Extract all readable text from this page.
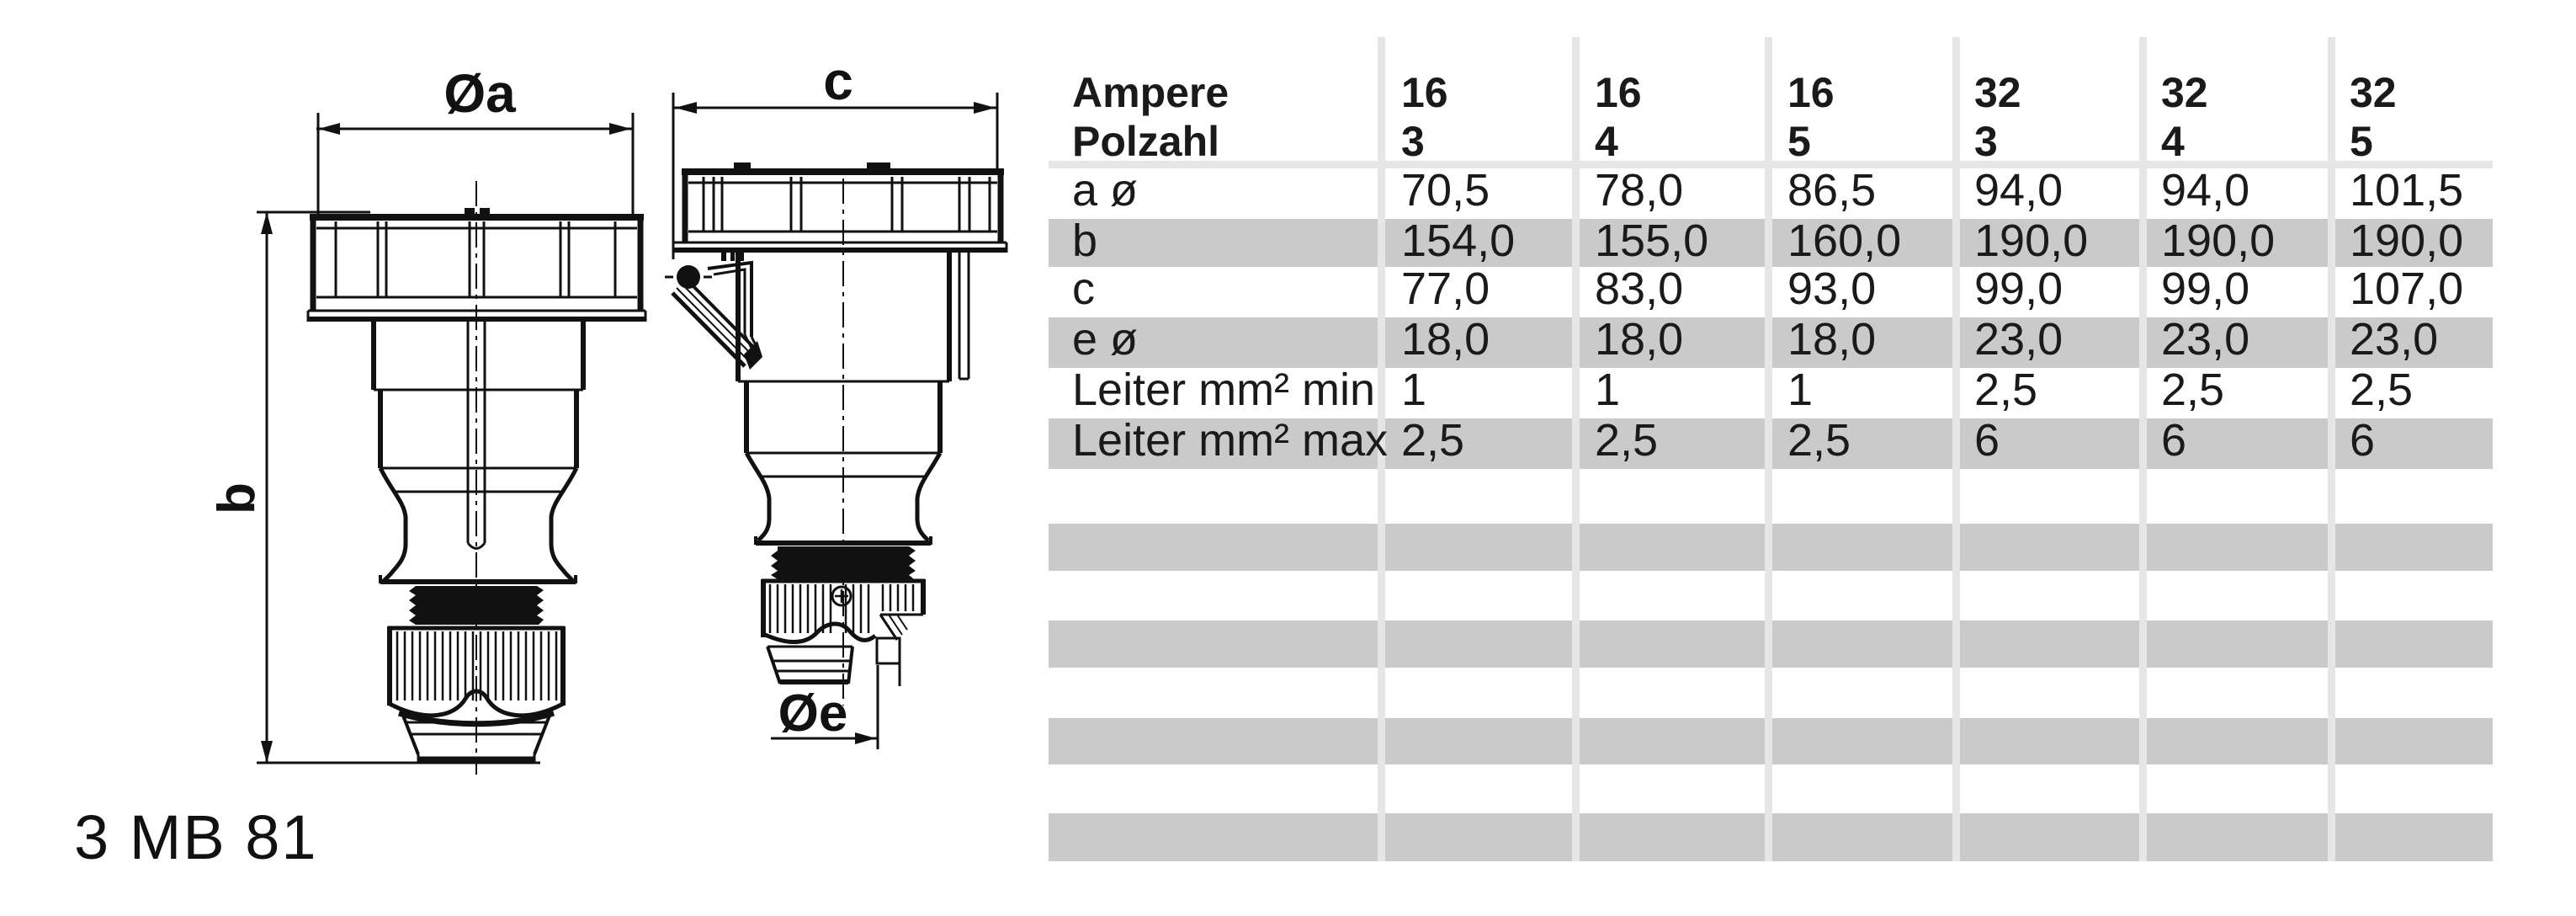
Øa
b
c
Øe
3 MB 81
Ampere	16	16	16	32	32	32
Polzahl	3	4	5	3	4	5
a ø	70,5 78,0 86,5 94,0 94,0 101,5
b	154,0 155,0 160,0 190,0 190,0 190,0
c	77,0 83,0 93,0 99,0 99,0 107,0
e ø	18,0 18,0 18,0 23,0 23,0 23,0
Leiter mm² min 1	1	1	2,5	2,5	2,5
Leiter mm² max 2,5	2,5	2,5	6	6	6
